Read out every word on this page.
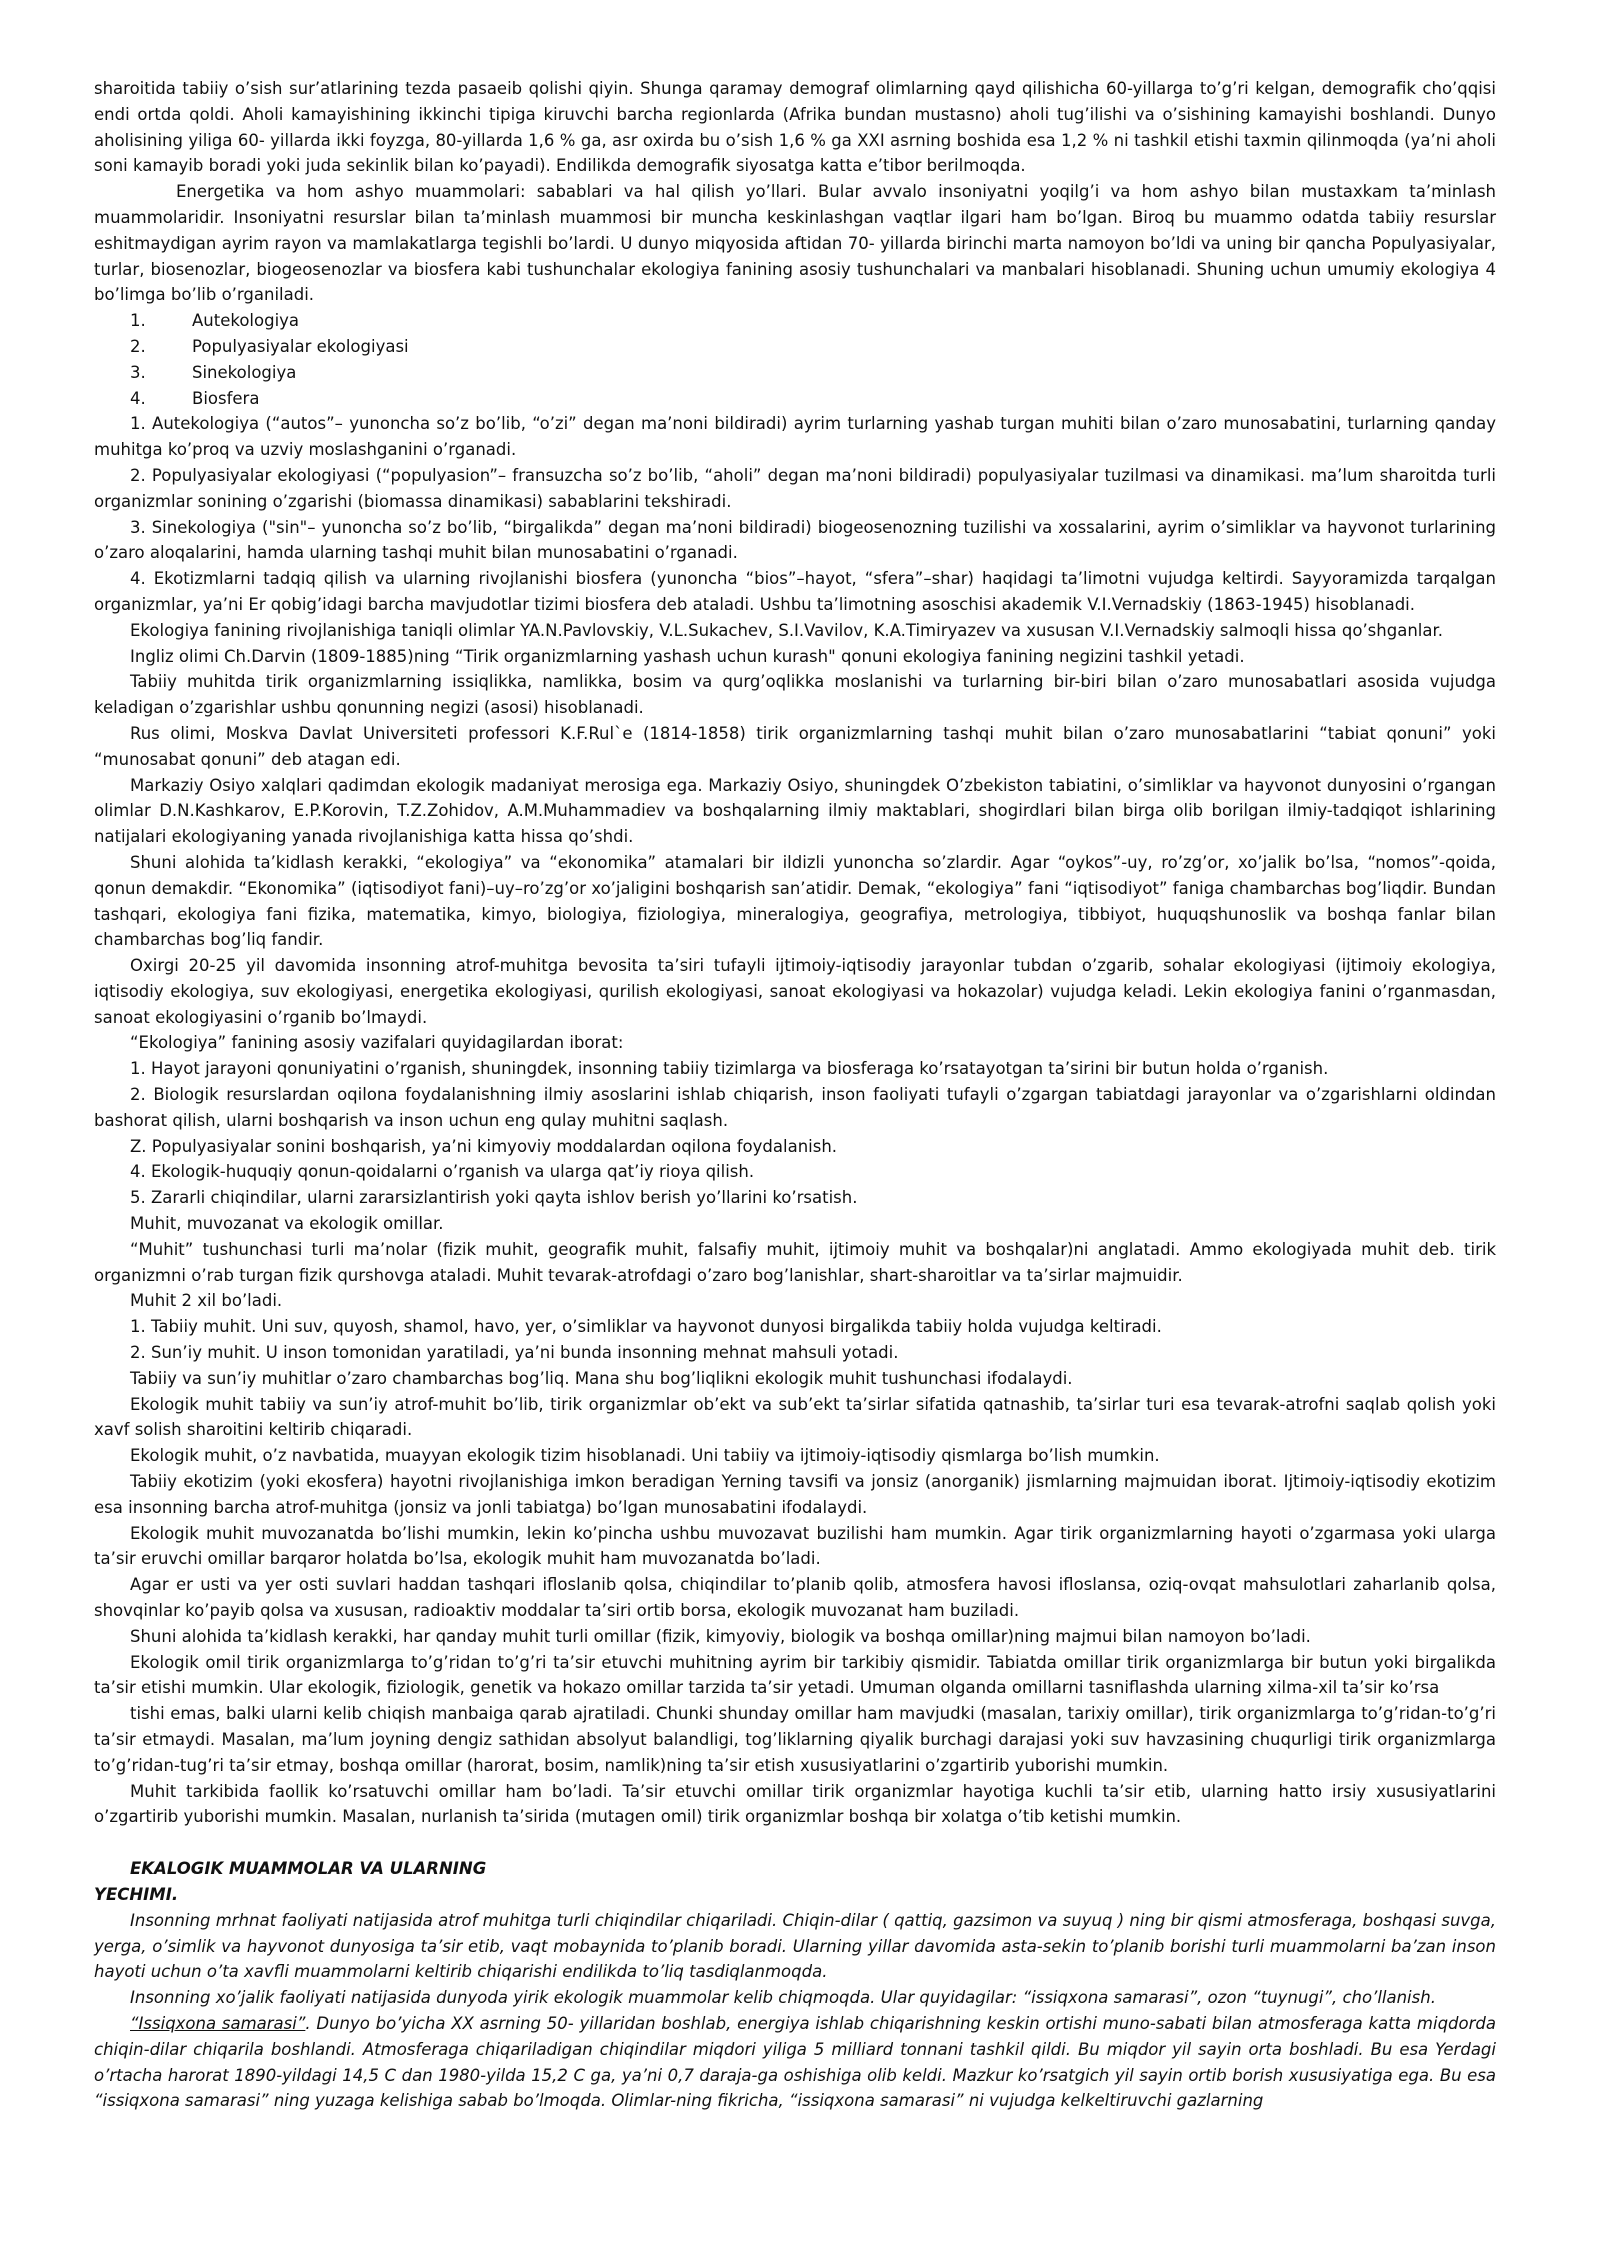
sharoitida tabiiy o’sish sur’atlarining tezda pasaeib qolishi qiyin. Shunga qaramay demograf olimlarning qayd qilishicha 60-yillarga to’g’ri kelgan, demografik cho’qqisi endi ortda qoldi. Aholi kamayishining ikkinchi tipiga kiruvchi barcha regionlarda (Afrika bundan mustasno) aholi tug’ilishi va o’sishining kamayishi boshlandi. Dunyo aholisining yiliga 60- yillarda ikki foyzga, 80-yillarda 1,6 % ga, asr oxirda bu o’sish 1,6 % ga XXI asrning boshida esa 1,2 % ni tashkil etishi taxmin qilinmoqda (ya’ni aholi soni kamayib boradi yoki juda sekinlik bilan ko’payadi). Endilikda demografik siyosatga katta e’tibor berilmoqda.

Energetika va hom ashyo muammolari: sabablari va hal qilish yo’llari. Bular avvalo insoniyatni yoqilg’i va hom ashyo bilan mustaxkam ta’minlash muammolaridir. Insoniyatni resurslar bilan ta’minlash muammosi bir muncha keskinlashgan vaqtlar ilgari ham bo’lgan. Biroq bu muammo odatda tabiiy resurslar eshitmaydigan ayrim rayon va mamlakatlarga tegishli bo’lardi. U dunyo miqyosida aftidan 70- yillarda birinchi marta namoyon bo’ldi va uning bir qancha Populyasiyalar, turlar, biosenozlar, biogeosenozlar va biosfera kabi tushunchalar ekologiya fanining asosiy tushunchalari va manbalari hisoblanadi. Shuning uchun umumiy ekologiya 4 bo’limga bo’lib o’rganiladi.

1.	Autekologiya

2.	Populyasiyalar ekologiyasi

3.	Sinekologiya

4.	Biosfera

1. Autekologiya (“autos”– yunoncha so’z bo’lib, “o’zi” degan ma’noni bildiradi) ayrim turlarning yashab turgan muhiti bilan o’zaro munosabatini, turlarning qanday muhitga ko’proq va uzviy moslashganini o’rganadi.

2. Populyasiyalar ekologiyasi (“populyasion”– fransuzcha so’z bo’lib, “aholi” degan ma’noni bildiradi) populyasiyalar tuzilmasi va dinamikasi. ma’lum sharoitda turli organizmlar sonining o’zgarishi (biomassa dinamikasi) sabablarini tekshiradi.

3. Sinekologiya ("sin"– yunoncha so’z bo’lib, “birgalikda” degan ma’noni bildiradi) biogeosenozning tuzilishi va xossalarini, ayrim o’simliklar va hayvonot turlarining o’zaro aloqalarini, hamda ularning tashqi muhit bilan munosabatini o’rganadi.

4. Ekotizmlarni tadqiq qilish va ularning rivojlanishi biosfera (yunoncha “bios”–hayot, “sfera”–shar) haqidagi ta’limotni vujudga keltirdi. Sayyoramizda tarqalgan organizmlar, ya’ni Er qobig’idagi barcha mavjudotlar tizimi biosfera deb ataladi. Ushbu ta’limotning asoschisi akademik V.I.Vernadskiy (1863-1945) hisoblanadi.

Ekologiya fanining rivojlanishiga taniqli olimlar YA.N.Pavlovskiy, V.L.Sukachev, S.I.Vavilov, K.A.Timiryazev va xususan V.I.Vernadskiy salmoqli hissa qo’shganlar.

Ingliz olimi Ch.Darvin (1809-1885)ning “Tirik organizmlarning yashash uchun kurash" qonuni ekologiya fanining negizini tashkil yetadi.

Tabiiy muhitda tirik organizmlarning issiqlikka, namlikka, bosim va qurg’oqlikka moslanishi va turlarning bir-biri bilan o’zaro munosabatlari asosida vujudga keladigan o’zgarishlar ushbu qonunning negizi (asosi) hisoblanadi.

Rus olimi, Moskva Davlat Universiteti professori K.F.Rul`e (1814-1858) tirik organizmlarning tashqi muhit bilan o’zaro munosabatlarini “tabiat qonuni” yoki “munosabat qonuni” deb atagan edi.

Markaziy Osiyo xalqlari qadimdan ekologik madaniyat merosiga ega. Markaziy Osiyo, shuningdek O’zbekiston tabiatini, o’simliklar va hayvonot dunyosini o’rgangan olimlar D.N.Kashkarov, E.P.Korovin, T.Z.Zohidov, A.M.Muhammadiev va boshqalarning ilmiy maktablari, shogirdlari bilan birga olib borilgan ilmiy-tadqiqot ishlarining natijalari ekologiyaning yanada rivojlanishiga katta hissa qo’shdi.

Shuni alohida ta’kidlash kerakki, “ekologiya” va “ekonomika” atamalari bir ildizli yunoncha so’zlardir. Agar “oykos”-uy, ro’zg’or, xo’jalik bo’lsa, “nomos”-qoida, qonun demakdir. “Ekonomika” (iqtisodiyot fani)–uy–ro’zg’or xo’jaligini boshqarish san’atidir. Demak, “ekologiya” fani “iqtisodiyot” faniga chambarchas bog’liqdir. Bundan tashqari, ekologiya fani fizika, matematika, kimyo, biologiya, fiziologiya, mineralogiya, geografiya, metrologiya, tibbiyot, huquqshunoslik va boshqa fanlar bilan chambarchas bog’liq fandir.

Oxirgi 20-25 yil davomida insonning atrof-muhitga bevosita ta’siri tufayli ijtimoiy-iqtisodiy jarayonlar tubdan o’zgarib, sohalar ekologiyasi (ijtimoiy ekologiya, iqtisodiy ekologiya, suv ekologiyasi, energetika ekologiyasi, qurilish ekologiyasi, sanoat ekologiyasi va hokazolar) vujudga keladi. Lekin ekologiya fanini o’rganmasdan, sanoat ekologiyasini o’rganib bo’lmaydi.

“Ekologiya” fanining asosiy vazifalari quyidagilardan iborat:

1. Hayot jarayoni qonuniyatini o’rganish, shuningdek, insonning tabiiy tizimlarga va biosferaga ko’rsatayotgan ta’sirini bir butun holda o’rganish.

2. Biologik resurslardan oqilona foydalanishning ilmiy asoslarini ishlab chiqarish, inson faoliyati tufayli o’zgargan tabiatdagi jarayonlar va o’zgarishlarni oldindan bashorat qilish, ularni boshqarish va inson uchun eng qulay muhitni saqlash.

Z. Populyasiyalar sonini boshqarish, ya’ni kimyoviy moddalardan oqilona foydalanish.

4. Ekologik-huquqiy qonun-qoidalarni o’rganish va ularga qat’iy rioya qilish.

5. Zararli chiqindilar, ularni zararsizlantirish yoki qayta ishlov berish yo’llarini ko’rsatish.

Muhit, muvozanat va ekologik omillar.

“Muhit” tushunchasi turli ma’nolar (fizik muhit, geografik muhit, falsafiy muhit, ijtimoiy muhit va boshqalar)ni anglatadi. Ammo ekologiyada muhit deb. tirik organizmni o’rab turgan fizik qurshovga ataladi. Muhit tevarak-atrofdagi o’zaro bog’lanishlar, shart-sharoitlar va ta’sirlar majmuidir.

Muhit 2 xil bo’ladi.

1. Tabiiy muhit. Uni suv, quyosh, shamol, havo, yer, o’simliklar va hayvonot dunyosi birgalikda tabiiy holda vujudga keltiradi.

2. Sun’iy muhit. U inson tomonidan yaratiladi, ya’ni bunda insonning mehnat mahsuli yotadi.

Tabiiy va sun’iy muhitlar o’zaro chambarchas bog’liq. Mana shu bog’liqlikni ekologik muhit tushunchasi ifodalaydi.

Ekologik muhit tabiiy va sun’iy atrof-muhit bo’lib, tirik organizmlar ob’ekt va sub’ekt ta’sirlar sifatida qatnashib, ta’sirlar turi esa tevarak-atrofni saqlab qolish yoki xavf solish sharoitini keltirib chiqaradi.

Ekologik muhit, o’z navbatida, muayyan ekologik tizim hisoblanadi. Uni tabiiy va ijtimoiy-iqtisodiy qismlarga bo’lish mumkin.

Tabiiy ekotizim (yoki ekosfera) hayotni rivojlanishiga imkon beradigan Yerning tavsifi va jonsiz (anorganik) jismlarning majmuidan iborat. Ijtimoiy-iqtisodiy ekotizim esa insonning barcha atrof-muhitga (jonsiz va jonli tabiatga) bo’lgan munosabatini ifodalaydi.

Ekologik muhit muvozanatda bo’lishi mumkin, lekin ko’pincha ushbu muvozavat buzilishi ham mumkin. Agar tirik organizmlarning hayoti o’zgarmasa yoki ularga ta’sir eruvchi omillar barqaror holatda bo’lsa, ekologik muhit ham muvozanatda bo’ladi.

Agar er usti va yer osti suvlari haddan tashqari ifloslanib qolsa, chiqindilar to’planib qolib, atmosfera havosi ifloslansa, oziq-ovqat mahsulotlari zaharlanib qolsa, shovqinlar ko’payib qolsa va xususan, radioaktiv moddalar ta’siri ortib borsa, ekologik muvozanat ham buziladi.

Shuni alohida ta’kidlash kerakki, har qanday muhit turli omillar (fizik, kimyoviy, biologik va boshqa omillar)ning majmui bilan namoyon bo’ladi.

Ekologik omil tirik organizmlarga to’g’ridan to’g’ri ta’sir etuvchi muhitning ayrim bir tarkibiy qismidir. Tabiatda omillar tirik organizmlarga bir butun yoki birgalikda ta’sir etishi mumkin. Ular ekologik, fiziologik, genetik va hokazo omillar tarzida ta’sir yetadi. Umuman olganda omillarni tasniflashda ularning xilma-xil ta’sir ko’rsa

tishi emas, balki ularni kelib chiqish manbaiga qarab ajratiladi. Chunki shunday omillar ham mavjudki (masalan, tarixiy omillar), tirik organizmlarga to’g’ridan-to’g’ri ta’sir etmaydi. Masalan, ma’lum joyning dengiz sathidan absolyut balandligi, tog’liklarning qiyalik burchagi darajasi yoki suv havzasining chuqurligi tirik organizmlarga to’g’ridan-tug’ri ta’sir etmay, boshqa omillar (harorat, bosim, namlik)ning ta’sir etish xususiyatlarini o’zgartirib yuborishi mumkin.

Muhit tarkibida faollik ko’rsatuvchi omillar ham bo’ladi. Ta’sir etuvchi omillar tirik organizmlar hayotiga kuchli ta’sir etib, ularning hatto irsiy xususiyatlarini o’zgartirib yuborishi mumkin. Masalan, nurlanish ta’sirida (mutagen omil) tirik organizmlar boshqa bir xolatga o’tib ketishi mumkin.

EKALOGIK MUAMMOLAR VA ULARNING

YECHIMI.

Insonning mrhnat faoliyati natijasida atrof muhitga turli chiqindilar chiqariladi. Chiqin-dilar ( qattiq, gazsimon va suyuq ) ning bir qismi atmosferaga, boshqasi suvga, yerga, o’simlik va hayvonot dunyosiga ta’sir etib, vaqt mobaynida to’planib boradi. Ularning yillar davomida asta-sekin to’planib borishi turli muammolarni ba’zan inson hayoti uchun o’ta xavfli muammolarni keltirib chiqarishi endilikda to’liq tasdiqlanmoqda.

Insonning xo’jalik faoliyati natijasida dunyoda yirik ekologik muammolar kelib chiqmoqda. Ular quyidagilar: “issiqxona samarasi”, ozon “tuynugi”, cho’llanish.

“Issiqxona samarasi”. Dunyo bo’yicha XX asrning 50- yillaridan boshlab, energiya ishlab chiqarishning keskin ortishi muno-sabati bilan atmosferaga katta miqdorda chiqin-dilar chiqarila boshlandi. Atmosferaga chiqariladigan chiqindilar miqdori yiliga 5 milliard tonnani tashkil qildi. Bu miqdor yil sayin orta boshladi. Bu esa Yerdagi o’rtacha harorat 1890-yildagi 14,5 C dan 1980-yilda 15,2 C ga, ya’ni 0,7 daraja-ga oshishiga olib keldi. Mazkur ko’rsatgich yil sayin ortib borish xususiyatiga ega. Bu esa “issiqxona samarasi” ning yuzaga kelishiga sabab bo’lmoqda. Olimlar-ning fikricha, “issiqxona samarasi” ni vujudga kelkeltiruvchi gazlarning
